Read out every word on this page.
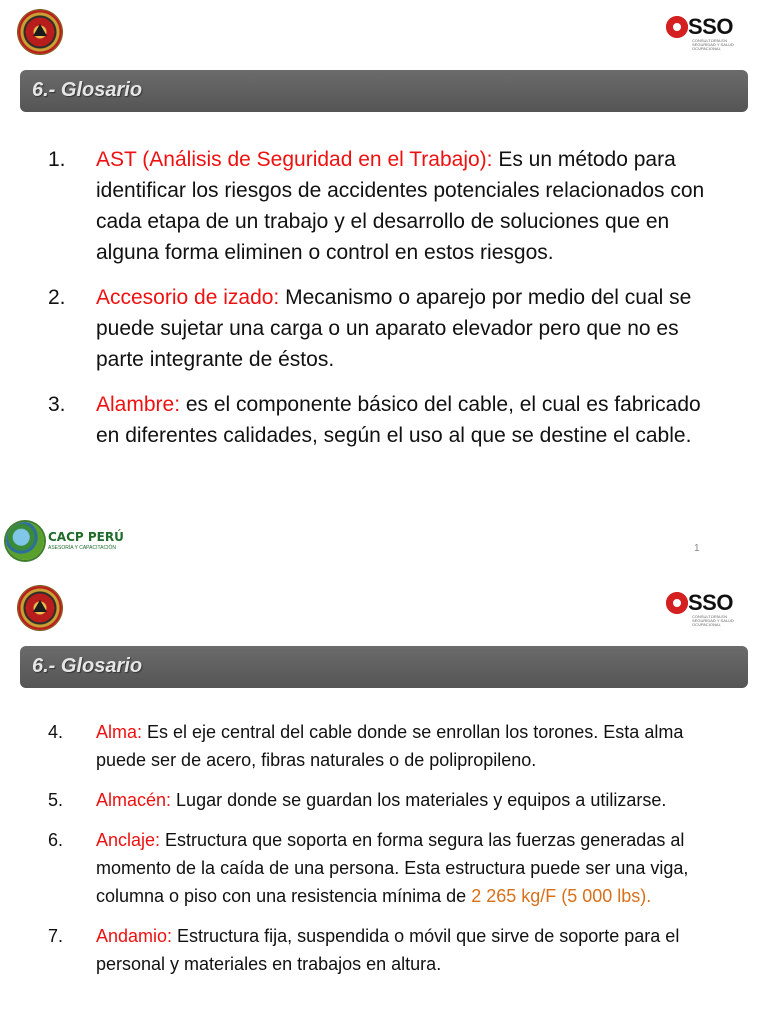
SSO
CONSULTORÍA EN SEGURIDAD Y SALUD OCUPACIONAL
6.- Glosario
1. AST (Análisis de Seguridad en el Trabajo): Es un método para identificar los riesgos de accidentes potenciales relacionados con cada etapa de un trabajo y el desarrollo de soluciones que en alguna forma eliminen o control en estos riesgos.
2. Accesorio de izado: Mecanismo o aparejo por medio del cual se puede sujetar una carga o un aparato elevador pero que no es parte integrante de éstos.
3. Alambre: es el componente básico del cable, el cual es fabricado en diferentes calidades, según el uso al que se destine el cable.
CACP PERÚ
ASESORÍA Y CAPACITACIÓN	1
SSO
CONSULTORÍA EN SEGURIDAD Y SALUD OCUPACIONAL
6.- Glosario
4. Alma: Es el eje central del cable donde se enrollan los torones. Esta alma puede ser de acero, fibras naturales o de polipropileno.
5. Almacén: Lugar donde se guardan los materiales y equipos a utilizarse.
6. Anclaje: Estructura que soporta en forma segura las fuerzas generadas al momento de la caída de una persona. Esta estructura puede ser una viga, columna o piso con una resistencia mínima de 2 265 kg/F (5 000 lbs).
7. Andamio: Estructura fija, suspendida o móvil que sirve de soporte para el personal y materiales en trabajos en altura.
